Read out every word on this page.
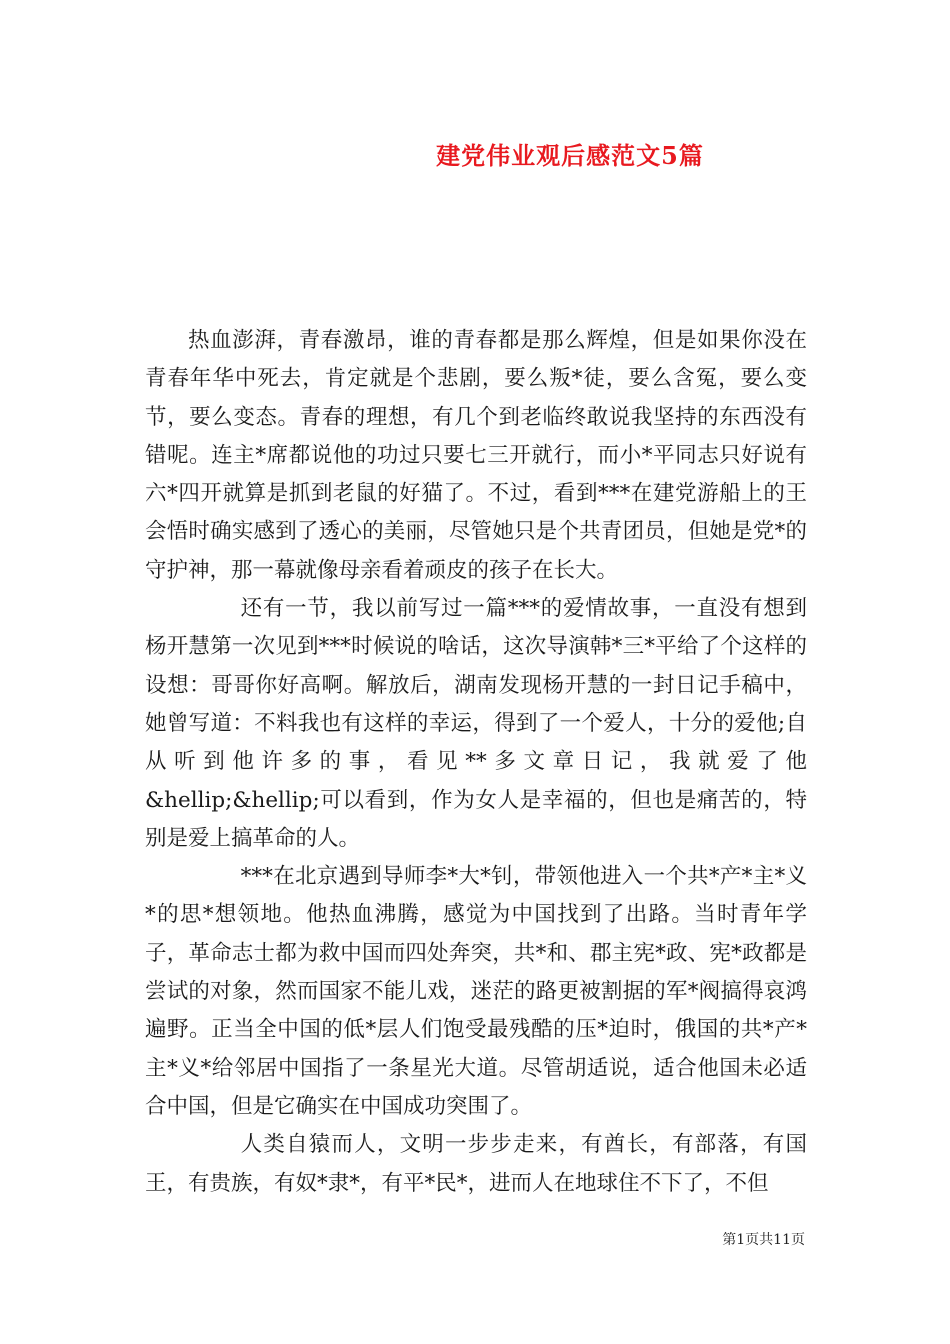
建党伟业观后感范文5篇

热血澎湃，青春激昂，谁的青春都是那么辉煌，但是如果你没在青春年华中死去，肯定就是个悲剧，要么叛*徒，要么含冤，要么变节，要么变态。青春的理想，有几个到老临终敢说我坚持的东西没有错呢。连主*席都说他的功过只要七三开就行，而小*平同志只好说有六*四开就算是抓到老鼠的好猫了。不过，看到***在建党游船上的王会悟时确实感到了透心的美丽，尽管她只是个共青团员，但她是党*的守护神，那一幕就像母亲看着顽皮的孩子在长大。

还有一节，我以前写过一篇***的爱情故事，一直没有想到杨开慧第一次见到***时候说的啥话，这次导演韩*三*平给了个这样的设想：哥哥你好高啊。解放后，湖南发现杨开慧的一封日记手稿中，她曾写道：不料我也有这样的幸运，得到了一个爱人，十分的爱他;自从听到他许多的事，看见**多文章日记，我就爱了他&hellip;&hellip;可以看到，作为女人是幸福的，但也是痛苦的，特别是爱上搞革命的人。

***在北京遇到导师李*大*钊，带领他进入一个共*产*主*义*的思*想领地。他热血沸腾，感觉为中国找到了出路。当时青年学子，革命志士都为救中国而四处奔突，共*和、郡主宪*政、宪*政都是尝试的对象，然而国家不能儿戏，迷茫的路更被割据的军*阀搞得哀鸿遍野。正当全中国的低*层人们饱受最残酷的压*迫时，俄国的共*产*主*义*给邻居中国指了一条星光大道。尽管胡适说，适合他国未必适合中国，但是它确实在中国成功突围了。

人类自猿而人，文明一步步走来，有酋长，有部落，有国王，有贵族，有奴*隶*，有平*民*，进而人在地球住不下了，不但

第1页共11页
